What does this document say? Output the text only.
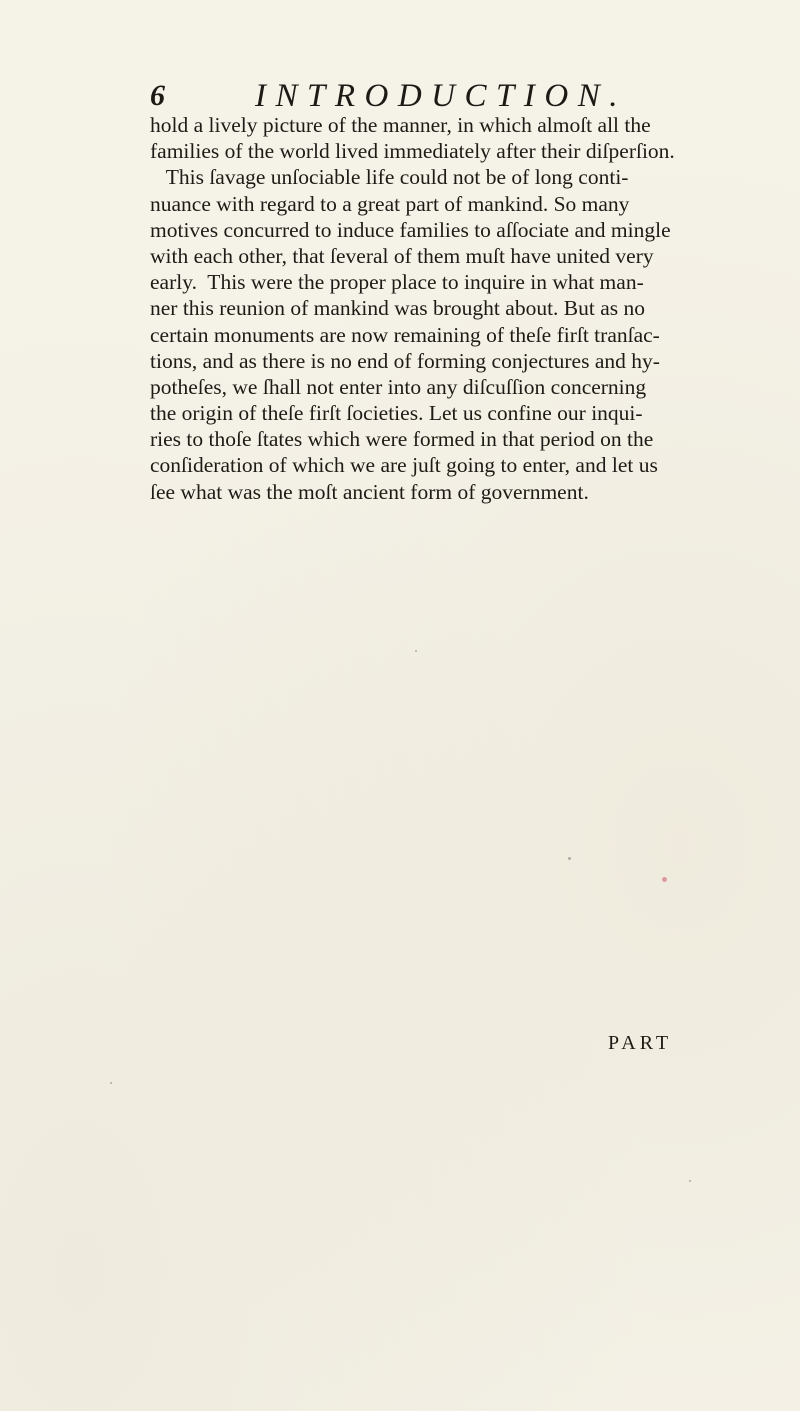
6	INTRODUCTION.
hold a lively picture of the manner, in which almoſt all the
families of the world lived immediately after their diſperſion.
This ſavage unſociable life could not be of long conti-
nuance with regard to a great part of mankind. So many
motives concurred to induce families to aſſociate and mingle
with each other, that ſeveral of them muſt have united very
early.  This were the proper place to inquire in what man-
ner this reunion of mankind was brought about. But as no
certain monuments are now remaining of theſe firſt tranſac-
tions, and as there is no end of forming conjectures and hy-
potheſes, we ſhall not enter into any diſcuſſion concerning
the origin of theſe firſt ſocieties. Let us confine our inqui-
ries to thoſe ſtates which were formed in that period on the
conſideration of which we are juſt going to enter, and let us
ſee what was the moſt ancient form of government.
PART
